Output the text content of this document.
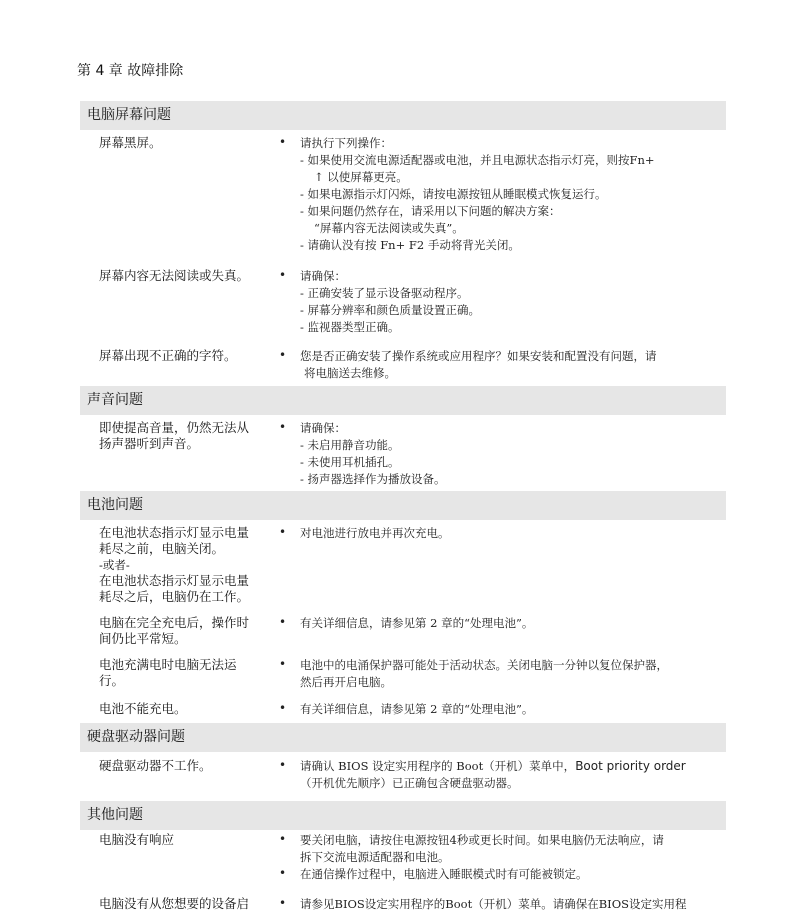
第 4 章 故障排除
电脑屏幕问题
屏幕黑屏。	• 请执行下列操作：
- 如果使用交流电源适配器或电池，并且电源状态指示灯亮，则按Fn+
↑ 以使屏幕更亮。
- 如果电源指示灯闪烁，请按电源按钮从睡眠模式恢复运行。
- 如果问题仍然存在，请采用以下问题的解决方案：
“屏幕内容无法阅读或失真”。
- 请确认没有按 Fn+ F2 手动将背光关闭。
屏幕内容无法阅读或失真。	• 请确保：
- 正确安装了显示设备驱动程序。
- 屏幕分辨率和颜色质量设置正确。
- 监视器类型正确。
屏幕出现不正确的字符。	• 您是否正确安装了操作系统或应用程序？如果安装和配置没有问题，请
将电脑送去维修。
声音问题
即使提高音量，仍然无法从
扬声器听到声音。
• 请确保：
- 未启用静音功能。
- 未使用耳机插孔。
- 扬声器选择作为播放设备。
电池问题
在电池状态指示灯显示电量
耗尽之前，电脑关闭。
-或者-
在电池状态指示灯显示电量
耗尽之后，电脑仍在工作。
• 对电池进行放电并再次充电。
电脑在完全充电后，操作时
间仍比平常短。
• 有关详细信息，请参见第 2 章的“处理电池”。
电池充满电时电脑无法运
行。
• 电池中的电涌保护器可能处于活动状态。关闭电脑一分钟以复位保护器，
然后再开启电脑。
电池不能充电。	• 有关详细信息，请参见第 2 章的“处理电池”。
硬盘驱动器问题
硬盘驱动器不工作。	• 请确认 BIOS 设定实用程序的 Boot（开机）菜单中，Boot priority order
（开机优先顺序）已正确包含硬盘驱动器。
其他问题
电脑没有响应	• 要关闭电脑，请按住电源按钮4秒或更长时间。如果电脑仍无法响应，请
拆下交流电源适配器和电池。
• 在通信操作过程中，电脑进入睡眠模式时有可能被锁定。
电脑没有从您想要的设备启	• 请参见BIOS设定实用程序的Boot（开机）菜单。请确保在BIOS设定实用程
